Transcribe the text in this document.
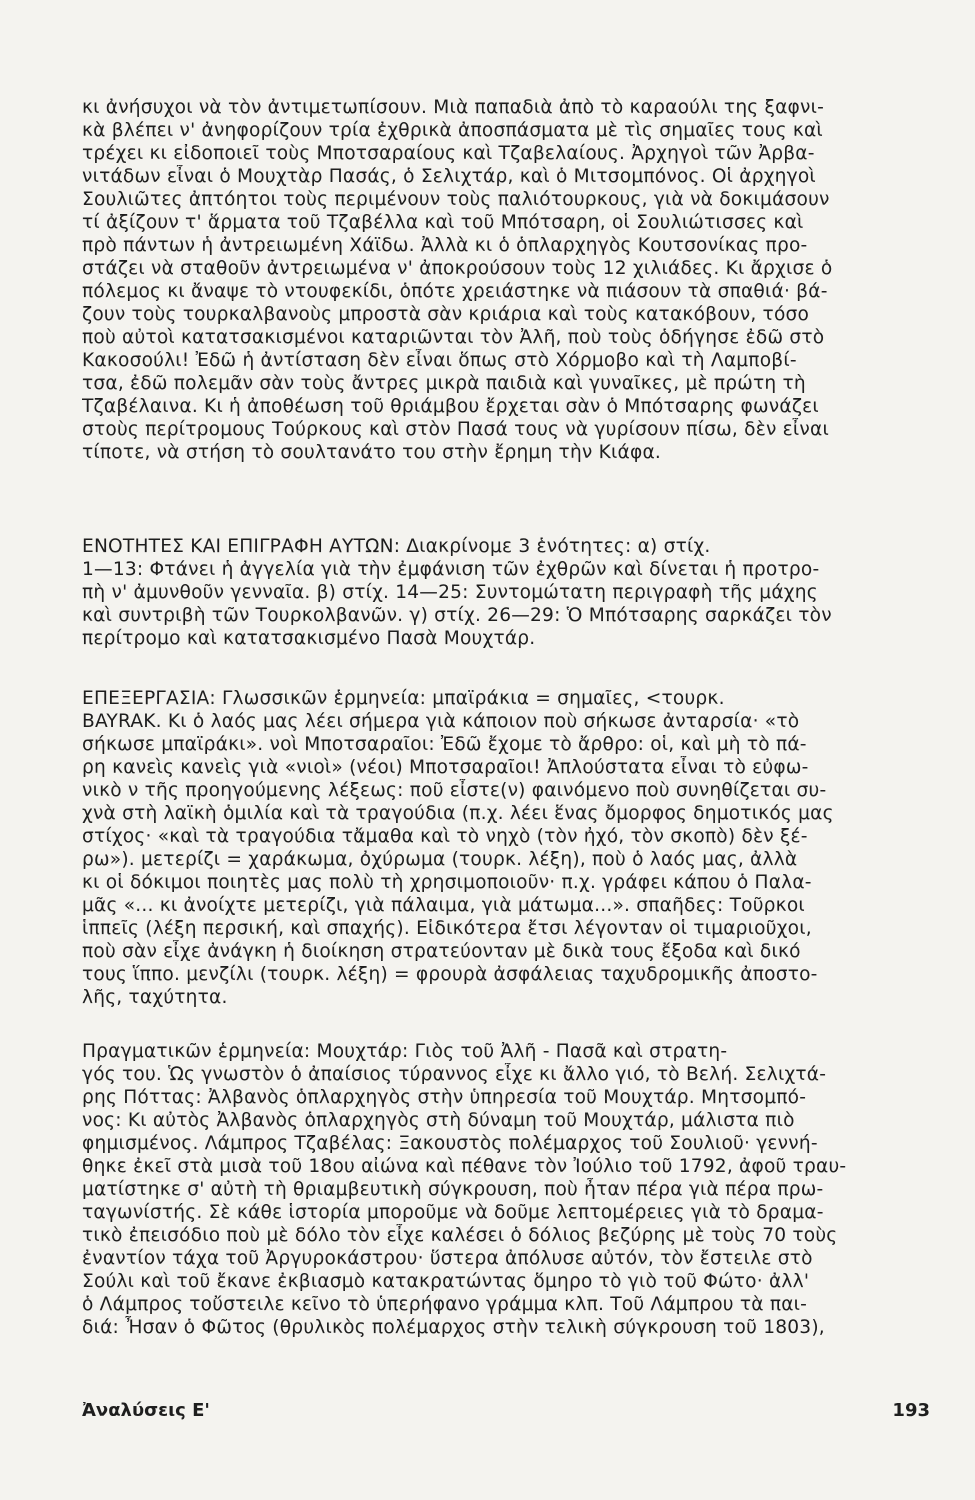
κι ἀνήσυχοι νὰ τὸν ἀντιμετωπίσουν. Μιὰ παπαδιὰ ἀπὸ τὸ καραούλι της ξαφνι-
κὰ βλέπει ν' ἀνηφορίζουν τρία ἐχθρικὰ ἀποσπάσματα μὲ τὶς σημαῖες τους καὶ
τρέχει κι εἰδοποιεῖ τοὺς Μποτσαραίους καὶ Τζαβελαίους. Ἀρχηγοὶ τῶν Ἀρβα-
νιτάδων εἶναι ὁ Μουχτὰρ Πασάς, ὁ Σελιχτάρ, καὶ ὁ Μιτσομπόνος. Οἱ ἀρχηγοὶ
Σουλιῶτες ἀπτόητοι τοὺς περιμένουν τοὺς παλιότουρκους, γιὰ νὰ δοκιμάσουν
τί ἀξίζουν τ' ἅρματα τοῦ Τζαβέλλα καὶ τοῦ Μπότσαρη, οἱ Σουλιώτισσες καὶ
πρὸ πάντων ἡ ἀντρειωμένη Χάϊδω. Ἀλλὰ κι ὁ ὁπλαρχηγὸς Κουτσονίκας προ-
στάζει νὰ σταθοῦν ἀντρειωμένα ν' ἀποκρούσουν τοὺς 12 χιλιάδες. Κι ἄρχισε ὁ
πόλεμος κι ἄναψε τὸ ντουφεκίδι, ὁπότε χρειάστηκε νὰ πιάσουν τὰ σπαθιά· βά-
ζουν τοὺς τουρκαλβανοὺς μπροστὰ σὰν κριάρια καὶ τοὺς κατακόβουν, τόσο
ποὺ αὐτοὶ κατατσακισμένοι καταριῶνται τὸν Ἀλῆ, ποὺ τοὺς ὁδήγησε ἐδῶ στὸ
Κακοσούλι! Ἐδῶ ἡ ἀντίσταση δὲν εἶναι ὅπως στὸ Χόρμοβο καὶ τὴ Λαμποβί-
τσα, ἐδῶ πολεμᾶν σὰν τοὺς ἄντρες μικρὰ παιδιὰ καὶ γυναῖκες, μὲ πρώτη τὴ
Τζαβέλαινα. Κι ἡ ἀποθέωση τοῦ θριάμβου ἔρχεται σὰν ὁ Μπότσαρης φωνάζει
στοὺς περίτρομους Τούρκους καὶ στὸν Πασά τους νὰ γυρίσουν πίσω, δὲν εἶναι
τίποτε, νὰ στήση τὸ σουλτανάτο του στὴν ἔρημη τὴν Κιάφα.
ΕΝΟΤΗΤΕΣ ΚΑΙ ΕΠΙΓΡΑΦΗ ΑΥΤΩΝ: Διακρίνομε 3 ἑνότητες: α) στίχ.
1—13: Φτάνει ἡ ἀγγελία γιὰ τὴν ἐμφάνιση τῶν ἐχθρῶν καὶ δίνεται ἡ προτρο-
πὴ ν' ἀμυνθοῦν γενναῖα. β) στίχ. 14—25: Συντομώτατη περιγραφὴ τῆς μάχης
καὶ συντριβὴ τῶν Τουρκολβανῶν. γ) στίχ. 26—29: Ὁ Μπότσαρης σαρκάζει τὸν
περίτρομο καὶ κατατσακισμένο Πασὰ Μουχτάρ.
ΕΠΕΞΕΡΓΑΣΙΑ: Γλωσσικῶν ἑρμηνεία: μπαϊράκια = σημαῖες, <τουρκ.
BAYRAK. Κι ὁ λαός μας λέει σήμερα γιὰ κάποιον ποὺ σήκωσε ἀνταρσία· «τὸ
σήκωσε μπαϊράκι». νοὶ Μποτσαραῖοι: Ἐδῶ ἔχομε τὸ ἄρθρο: οἱ, καὶ μὴ τὸ πά-
ρη κανεὶς κανεὶς γιὰ «νιοὶ» (νέοι) Μποτσαραῖοι! Ἀπλούστατα εἶναι τὸ εὐφω-
νικὸ ν τῆς προηγούμενης λέξεως: ποῦ εἶστε(ν) φαινόμενο ποὺ συνηθίζεται συ-
χνὰ στὴ λαϊκὴ ὁμιλία καὶ τὰ τραγούδια (π.χ. λέει ἕνας ὄμορφος δημοτικός μας
στίχος· «καὶ τὰ τραγούδια τἄμαθα καὶ τὸ νηχὸ (τὸν ἠχό, τὸν σκοπὸ) δὲν ξέ-
ρω»). μετερίζι = χαράκωμα, ὀχύρωμα (τουρκ. λέξη), ποὺ ὁ λαός μας, ἀλλὰ
κι οἱ δόκιμοι ποιητὲς μας πολὺ τὴ χρησιμοποιοῦν· π.χ. γράφει κάπου ὁ Παλα-
μᾶς «... κι ἀνοίχτε μετερίζι, γιὰ πάλαιμα, γιὰ μάτωμα...». σπαῆδες: Τοῦρκοι
ἱππεῖς (λέξη περσική, καὶ σπαχής). Εἰδικότερα ἔτσι λέγονταν οἱ τιμαριοῦχοι,
ποὺ σὰν εἶχε ἀνάγκη ἡ διοίκηση στρατεύονταν μὲ δικὰ τους ἔξοδα καὶ δικό
τους ἵππο. μενζίλι (τουρκ. λέξη) = φρουρὰ ἀσφάλειας ταχυδρομικῆς ἀποστο-
λῆς, ταχύτητα.
Πραγματικῶν ἑρμηνεία: Μουχτάρ: Γιὸς τοῦ Ἀλῆ - Πασᾶ καὶ στρατη-
γός του. Ὡς γνωστὸν ὁ ἀπαίσιος τύραννος εἶχε κι ἄλλο γιό, τὸ Βελή. Σελιχτά-
ρης Πόττας: Ἀλβανὸς ὁπλαρχηγὸς στὴν ὑπηρεσία τοῦ Μουχτάρ. Μητσομπό-
νος: Κι αὐτὸς Ἀλβανὸς ὁπλαρχηγὸς στὴ δύναμη τοῦ Μουχτάρ, μάλιστα πιὸ
φημισμένος. Λάμπρος Τζαβέλας: Ξακουστὸς πολέμαρχος τοῦ Σουλιοῦ· γεννή-
θηκε ἐκεῖ στὰ μισὰ τοῦ 18ου αἰώνα καὶ πέθανε τὸν Ἰούλιο τοῦ 1792, ἀφοῦ τραυ-
ματίστηκε σ' αὐτὴ τὴ θριαμβευτικὴ σύγκρουση, ποὺ ἦταν πέρα γιὰ πέρα πρω-
ταγωνίστής. Σὲ κάθε ἱστορία μποροῦμε νὰ δοῦμε λεπτομέρειες γιὰ τὸ δραμα-
τικὸ ἐπεισόδιο ποὺ μὲ δόλο τὸν εἶχε καλέσει ὁ δόλιος βεζύρης μὲ τοὺς 70 τοὺς
ἐναντίον τάχα τοῦ Ἀργυροκάστρου· ὕστερα ἀπόλυσε αὐτόν, τὸν ἔστειλε στὸ
Σούλι καὶ τοῦ ἔκανε ἐκβιασμὸ κατακρατώντας ὅμηρο τὸ γιὸ τοῦ Φώτο· ἀλλ'
ὁ Λάμπρος τοὔστειλε κεῖνο τὸ ὑπερήφανο γράμμα κλπ. Τοῦ Λάμπρου τὰ παι-
διά: Ἦσαν ὁ Φῶτος (θρυλικὸς πολέμαρχος στὴν τελικὴ σύγκρουση τοῦ 1803),
Ἀναλύσεις Ε'	193
